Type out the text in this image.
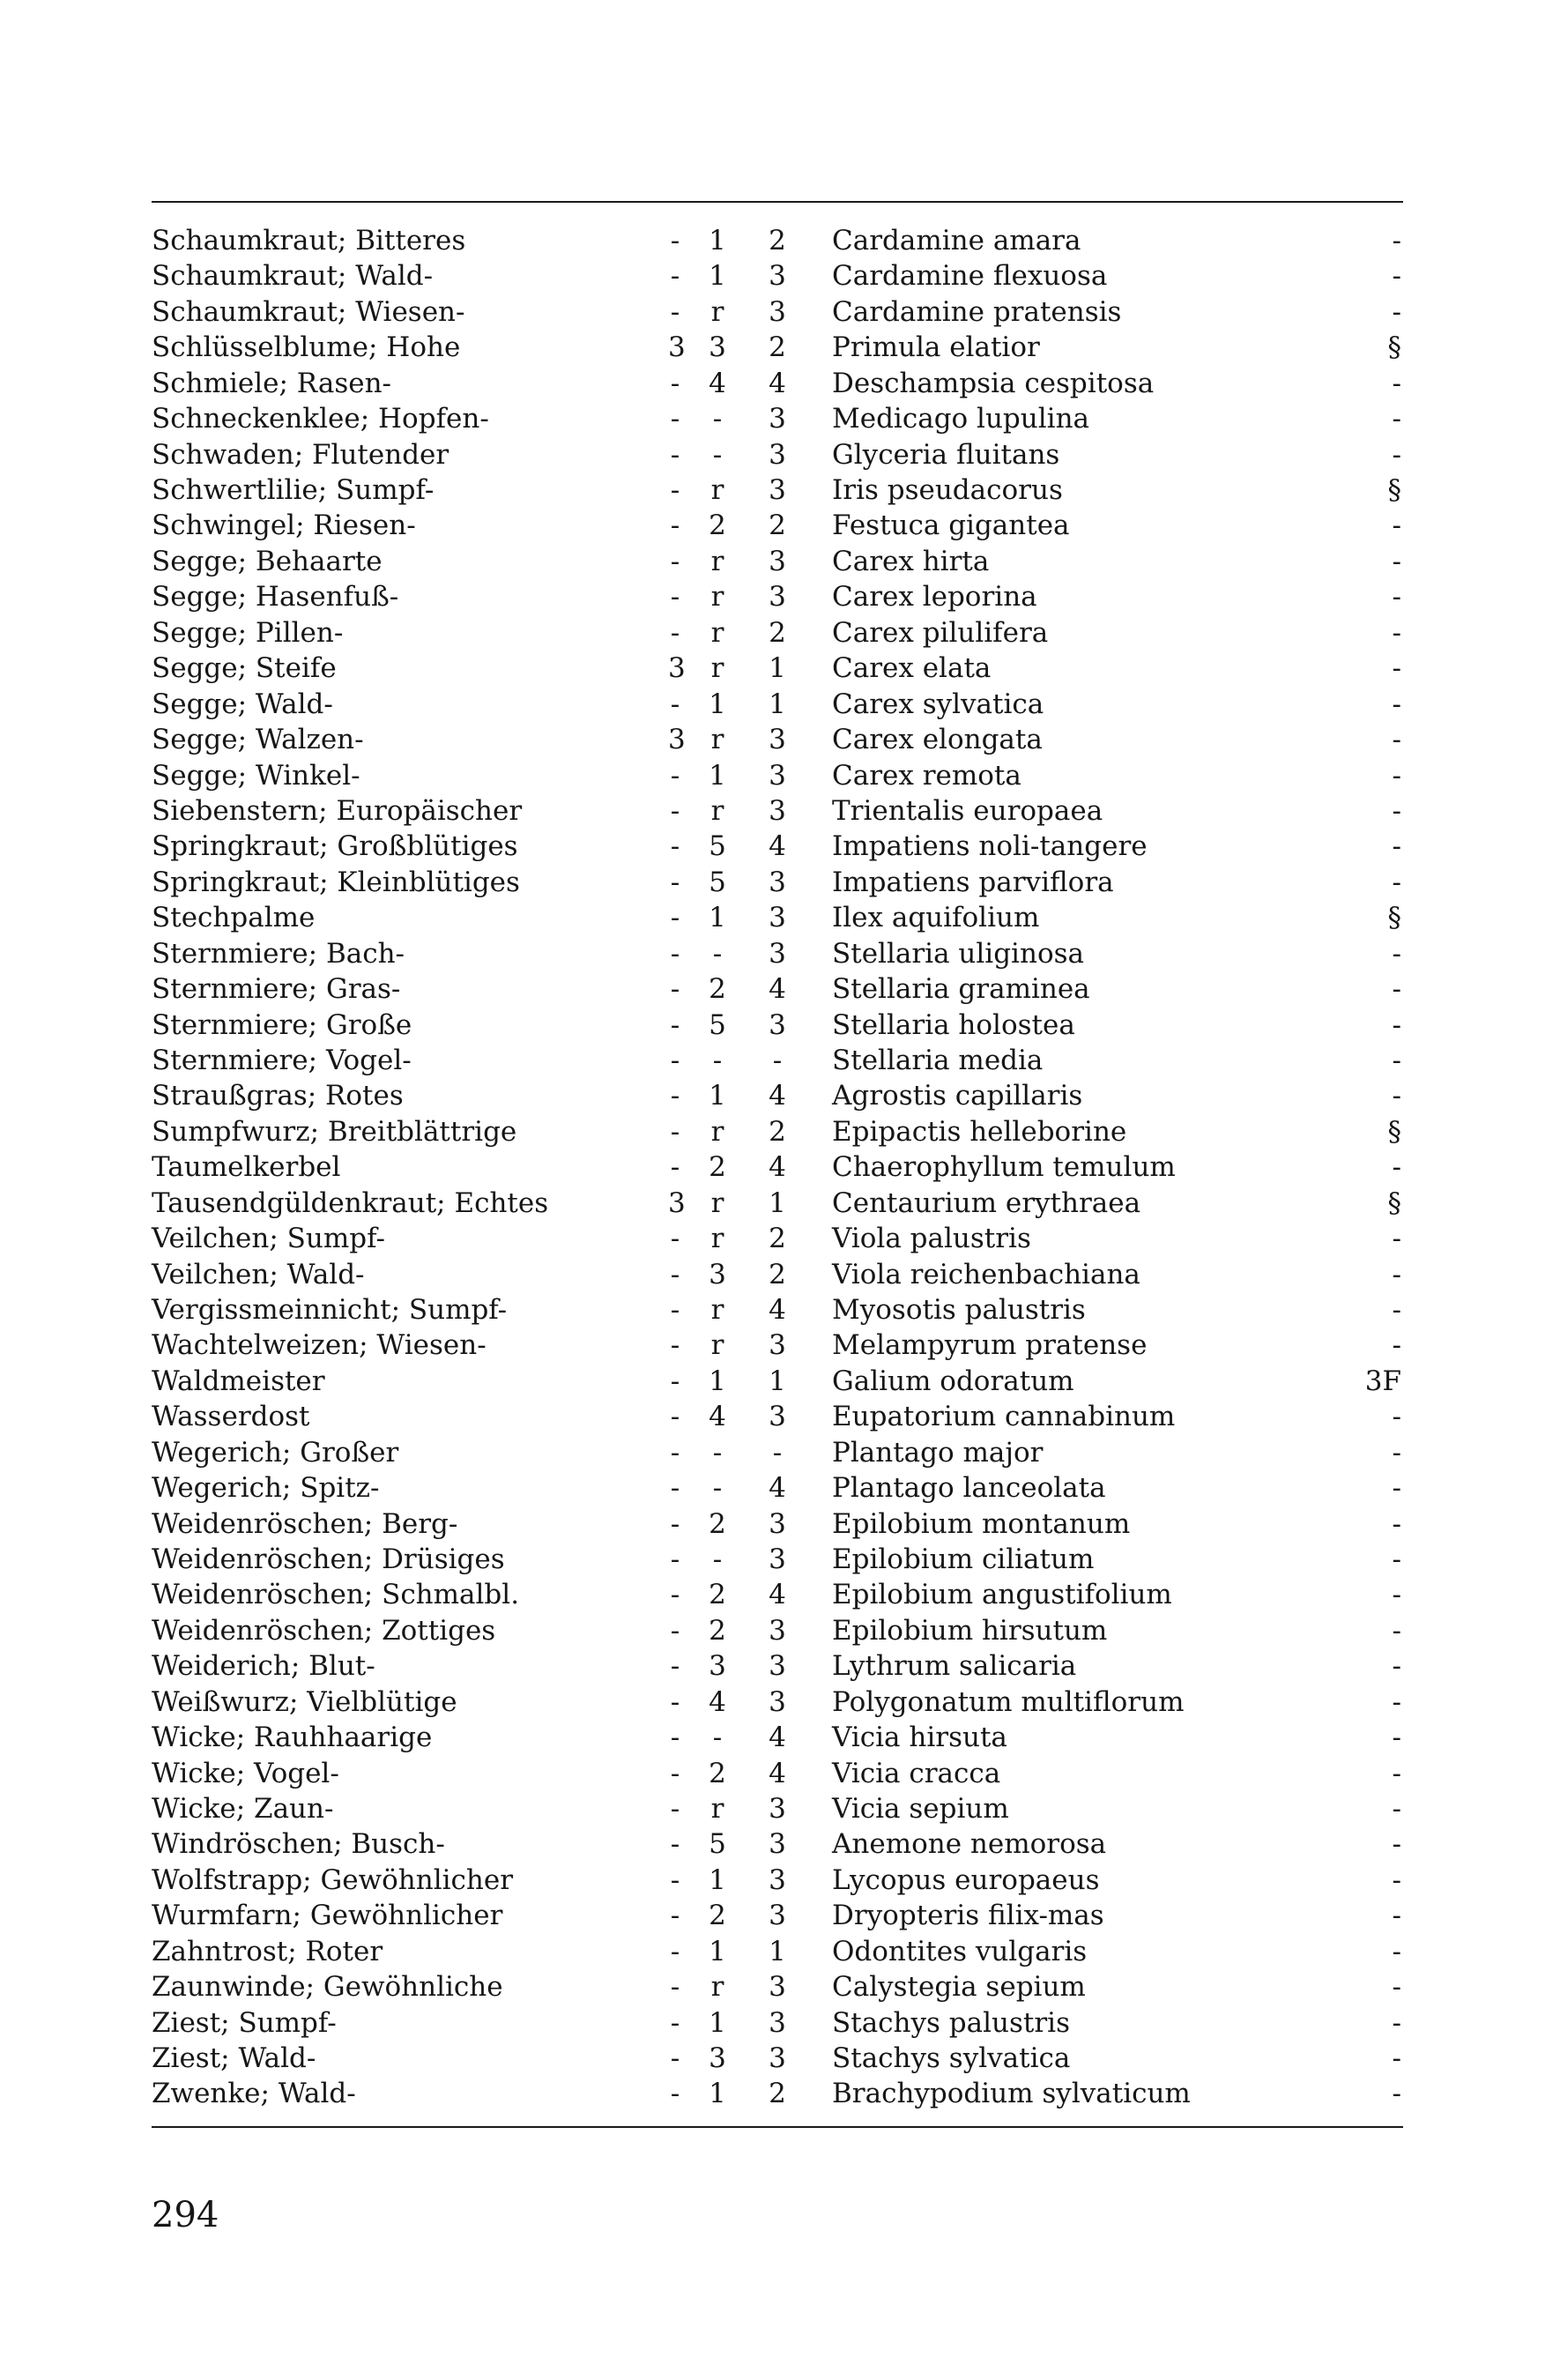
Schaumkraut; Bitteres	- 1 2 Cardamine amara	-
Schaumkraut; Wald-	- 1 3 Cardamine flexuosa	-
Schaumkraut; Wiesen-	- r 3 Cardamine pratensis	-
Schlüsselblume; Hohe	3 3 2 Primula elatior	§
Schmiele; Rasen-	- 4 4 Deschampsia cespitosa	-
Schneckenklee; Hopfen-	- - 3 Medicago lupulina	-
Schwaden; Flutender	- - 3 Glyceria fluitans	-
Schwertlilie; Sumpf-	- r 3 Iris pseudacorus	§
Schwingel; Riesen-	- 2 2 Festuca gigantea	-
Segge; Behaarte	- r 3 Carex hirta	-
Segge; Hasenfuß-	- r 3 Carex leporina	-
Segge; Pillen-	- r 2 Carex pilulifera	-
Segge; Steife	3 r 1 Carex elata	-
Segge; Wald-	- 1 1 Carex sylvatica	-
Segge; Walzen-	3 r 3 Carex elongata	-
Segge; Winkel-	- 1 3 Carex remota	-
Siebenstern; Europäischer	- r 3 Trientalis europaea	-
Springkraut; Großblütiges	- 5 4 Impatiens noli-tangere	-
Springkraut; Kleinblütiges	- 5 3 Impatiens parviflora	-
Stechpalme	- 1 3 Ilex aquifolium	§
Sternmiere; Bach-	- - 3 Stellaria uliginosa	-
Sternmiere; Gras-	- 2 4 Stellaria graminea	-
Sternmiere; Große	- 5 3 Stellaria holostea	-
Sternmiere; Vogel-	- - - Stellaria media	-
Straußgras; Rotes	- 1 4 Agrostis capillaris	-
Sumpfwurz; Breitblättrige	- r 2 Epipactis helleborine	§
Taumelkerbel	- 2 4 Chaerophyllum temulum	-
Tausendgüldenkraut; Echtes	3 r 1 Centaurium erythraea	§
Veilchen; Sumpf-	- r 2 Viola palustris	-
Veilchen; Wald-	- 3 2 Viola reichenbachiana	-
Vergissmeinnicht; Sumpf-	- r 4 Myosotis palustris	-
Wachtelweizen; Wiesen-	- r 3 Melampyrum pratense	-
Waldmeister	- 1 1 Galium odoratum	3F
Wasserdost	- 4 3 Eupatorium cannabinum	-
Wegerich; Großer	- - - Plantago major	-
Wegerich; Spitz-	- - 4 Plantago lanceolata	-
Weidenröschen; Berg-	- 2 3 Epilobium montanum	-
Weidenröschen; Drüsiges	- - 3 Epilobium ciliatum	-
Weidenröschen; Schmalbl.	- 2 4 Epilobium angustifolium	-
Weidenröschen; Zottiges	- 2 3 Epilobium hirsutum	-
Weiderich; Blut-	- 3 3 Lythrum salicaria	-
Weißwurz; Vielblütige	- 4 3 Polygonatum multiflorum	-
Wicke; Rauhhaarige	- - 4 Vicia hirsuta	-
Wicke; Vogel-	- 2 4 Vicia cracca	-
Wicke; Zaun-	- r 3 Vicia sepium	-
Windröschen; Busch-	- 5 3 Anemone nemorosa	-
Wolfstrapp; Gewöhnlicher	- 1 3 Lycopus europaeus	-
Wurmfarn; Gewöhnlicher	- 2 3 Dryopteris filix-mas	-
Zahntrost; Roter	- 1 1 Odontites vulgaris	-
Zaunwinde; Gewöhnliche	- r 3 Calystegia sepium	-
Ziest; Sumpf-	- 1 3 Stachys palustris	-
Ziest; Wald-	- 3 3 Stachys sylvatica	-
Zwenke; Wald-	- 1 2 Brachypodium sylvaticum	-
294
